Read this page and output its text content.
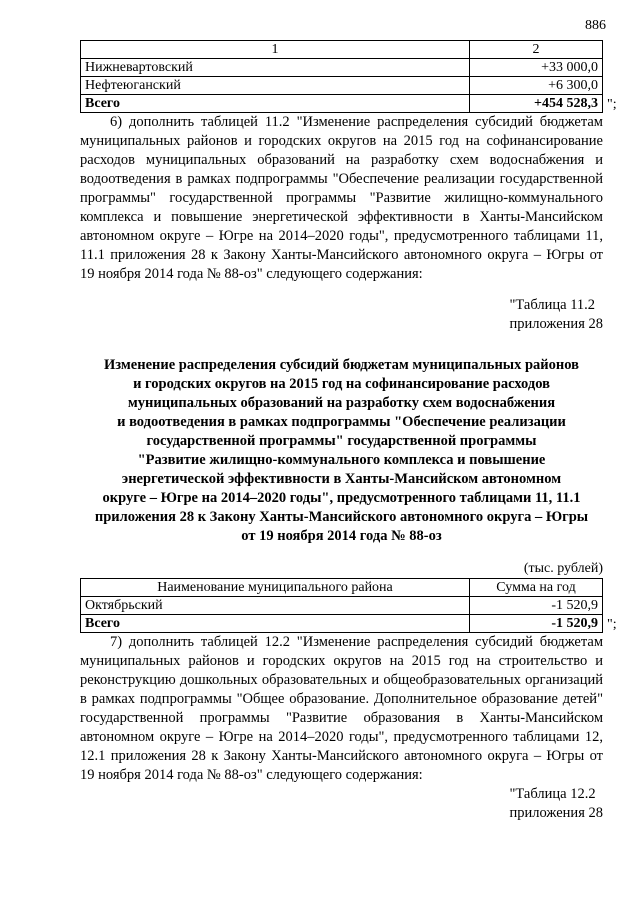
886
1	2
Нижневартовский	+33 000,0
Нефтеюганский	+6 300,0
Всего	+454 528,3 ";

6) дополнить таблицей 11.2 "Изменение распределения субсидий бюджетам муниципальных районов и городских округов на 2015 год на софинансирование расходов муниципальных образований на разработку схем водоснабжения и водоотведения в рамках подпрограммы "Обеспечение реализации государственной программы" государственной программы "Развитие жилищно-коммунального комплекса и повышение энергетической эффективности в Ханты-Мансийском автономном округе – Югре на 2014–2020 годы", предусмотренного таблицами 11, 11.1 приложения 28 к Закону Ханты-Мансийского автономного округа – Югры от 19 ноября 2014 года № 88-оз" следующего содержания:

"Таблица 11.2
приложения 28

Изменение распределения субсидий бюджетам муниципальных районов
и городских округов на 2015 год на софинансирование расходов
муниципальных образований на разработку схем водоснабжения
и водоотведения в рамках подпрограммы "Обеспечение реализации
государственной программы" государственной программы
"Развитие жилищно-коммунального комплекса и повышение
энергетической эффективности в Ханты-Мансийском автономном
округе – Югре на 2014–2020 годы", предусмотренного таблицами 11, 11.1
приложения 28 к Закону Ханты-Мансийского автономного округа – Югры
от 19 ноября 2014 года № 88-оз

(тыс. рублей)

Наименование муниципального района	Сумма на год
Октябрьский	-1 520,9
Всего	-1 520,9 ";

7) дополнить таблицей 12.2 "Изменение распределения субсидий бюджетам муниципальных районов и городских округов на 2015 год на строительство и реконструкцию дошкольных образовательных и общеобразовательных организаций в рамках подпрограммы "Общее образование. Дополнительное образование детей" государственной программы "Развитие образования в Ханты-Мансийском автономном округе – Югре на 2014–2020 годы", предусмотренного таблицами 12, 12.1 приложения 28 к Закону Ханты-Мансийского автономного округа – Югры от 19 ноября 2014 года № 88-оз" следующего содержания:

"Таблица 12.2
приложения 28
